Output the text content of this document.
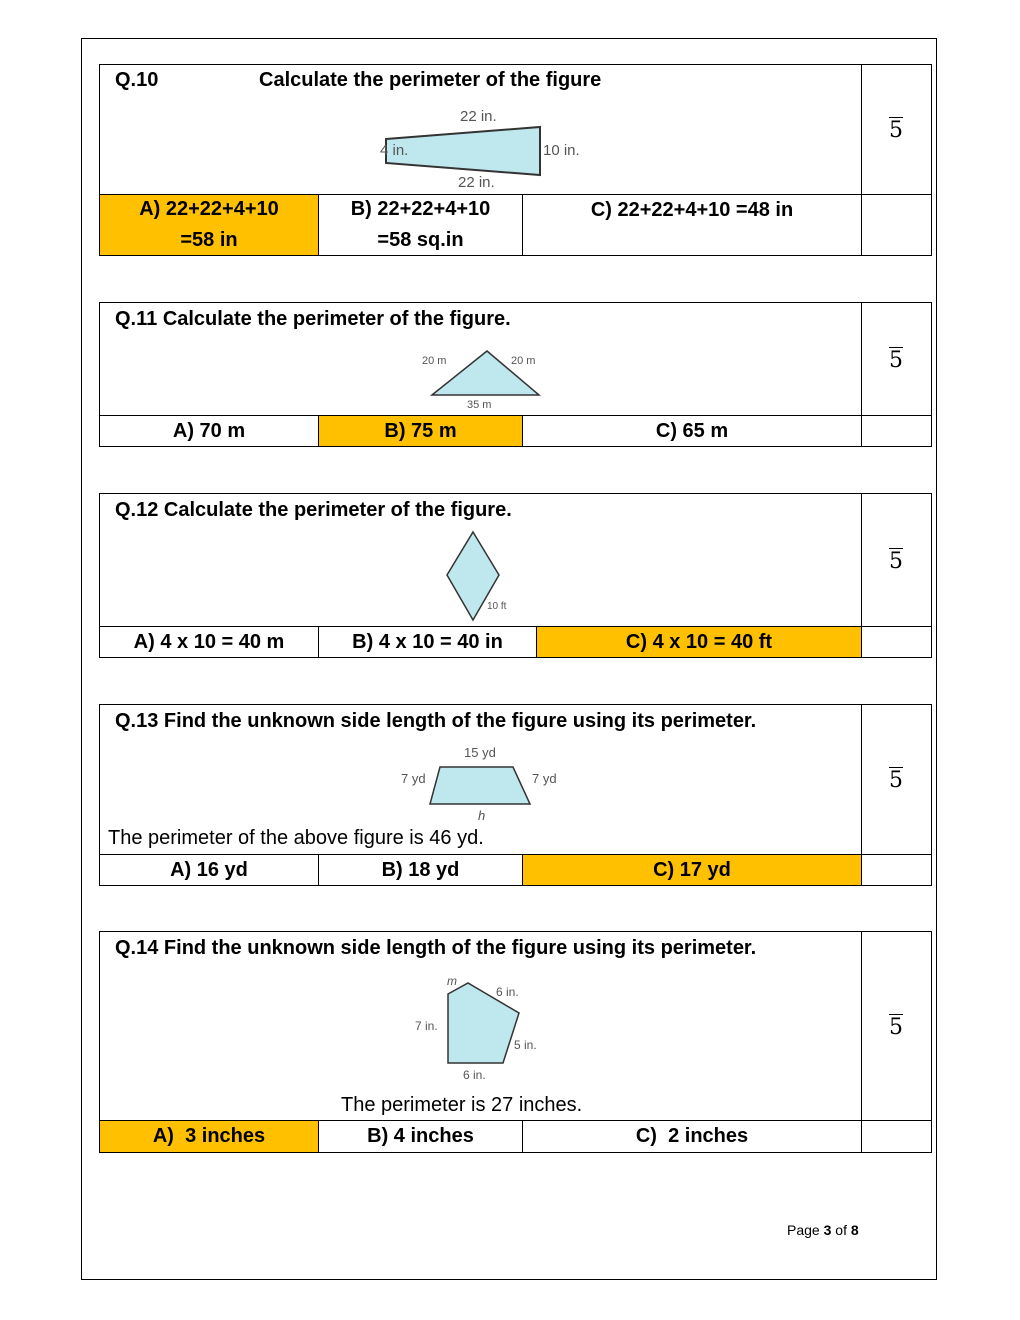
Q.10	Calculate the perimeter of the figure
22 in.
22 in.
4 in.	10 in.
5
A) 22+22+4+10
=58 in
B) 22+22+4+10
=58 sq.in
C) 22+22+4+10 =48 in
Q.11 Calculate the perimeter of the figure.
20 m	20 m
35 m
5
A) 70 m	B) 75 m	C) 65 m
Q.12 Calculate the perimeter of the figure.
10 ft
5
A) 4 x 10 = 40 m	B) 4 x 10 = 40 in	C) 4 x 10 = 40 ft
Q.13 Find the unknown side length of the figure using its perimeter.
15 yd
7 yd	7 yd
h
The perimeter of the above figure is 46 yd.
5
A) 16 yd	B) 18 yd	C) 17 yd
Q.14 Find the unknown side length of the figure using its perimeter.
m
6 in.
7 in.
5 in.
6 in.
The perimeter is 27 inches.
5
A)  3 inches	B) 4 inches	C)  2 inches
Page 3 of 8
